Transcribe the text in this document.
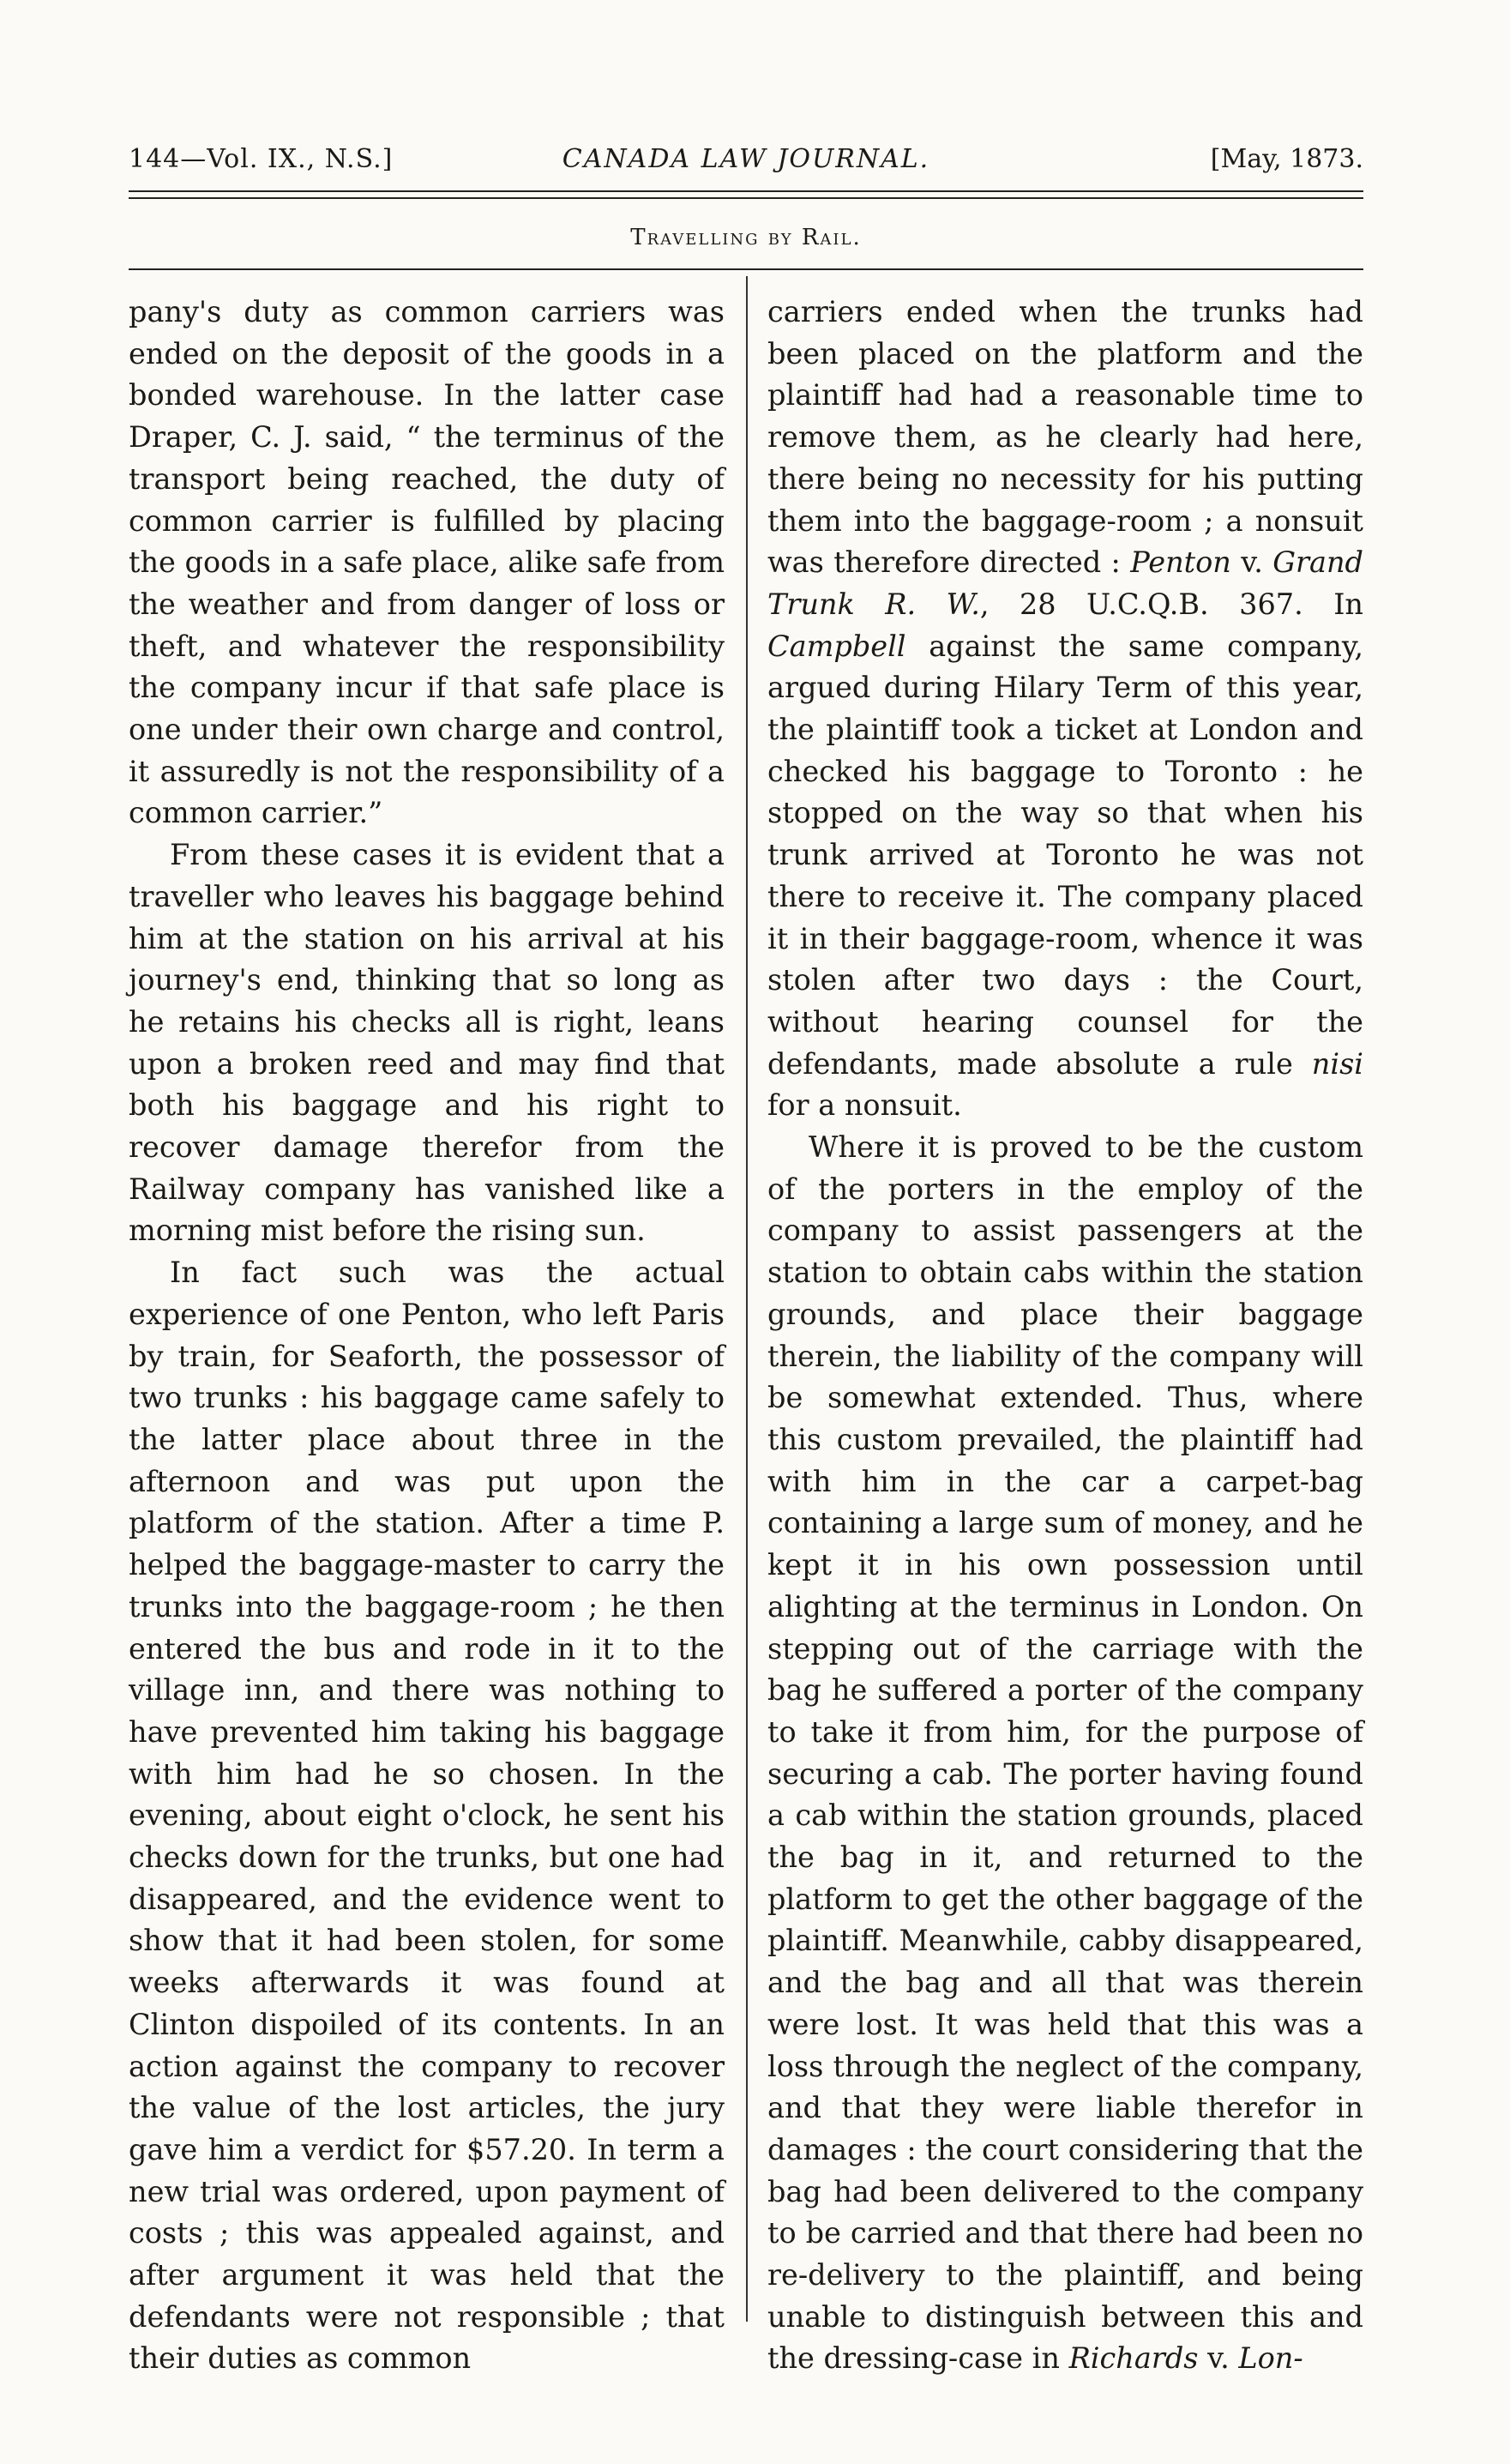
144—Vol. IX., N.S.]	CANADA LAW JOURNAL.	[May, 1873.
Travelling by Rail.

pany's duty as common carriers was ended on the deposit of the goods in a bonded warehouse. In the latter case Draper, C. J. said, “ the terminus of the transport being reached, the duty of common carrier is fulfilled by placing the goods in a safe place, alike safe from the weather and from danger of loss or theft, and whatever the responsibility the company incur if that safe place is one under their own charge and control, it assuredly is not the responsibility of a common carrier.”

From these cases it is evident that a traveller who leaves his baggage behind him at the station on his arrival at his journey's end, thinking that so long as he retains his checks all is right, leans upon a broken reed and may find that both his baggage and his right to recover damage therefor from the Railway company has vanished like a morning mist before the rising sun.

In fact such was the actual experience of one Penton, who left Paris by train, for Seaforth, the possessor of two trunks : his baggage came safely to the latter place about three in the afternoon and was put upon the platform of the station. After a time P. helped the baggage-master to carry the trunks into the baggage-room ; he then entered the bus and rode in it to the village inn, and there was nothing to have prevented him taking his baggage with him had he so chosen. In the evening, about eight o'clock, he sent his checks down for the trunks, but one had disappeared, and the evidence went to show that it had been stolen, for some weeks afterwards it was found at Clinton dispoiled of its contents. In an action against the company to recover the value of the lost articles, the jury gave him a verdict for $57.20. In term a new trial was ordered, upon payment of costs ; this was appealed against, and after argument it was held that the defendants were not responsible ; that their duties as common

carriers ended when the trunks had been placed on the platform and the plaintiff had had a reasonable time to remove them, as he clearly had here, there being no necessity for his putting them into the baggage-room ; a nonsuit was therefore directed : Penton v. Grand Trunk R. W., 28 U.C.Q.B. 367. In Campbell against the same company, argued during Hilary Term of this year, the plaintiff took a ticket at London and checked his baggage to Toronto : he stopped on the way so that when his trunk arrived at Toronto he was not there to receive it. The company placed it in their baggage-room, whence it was stolen after two days : the Court, without hearing counsel for the defendants, made absolute a rule nisi for a nonsuit.

Where it is proved to be the custom of the porters in the employ of the company to assist passengers at the station to obtain cabs within the station grounds, and place their baggage therein, the liability of the company will be somewhat extended. Thus, where this custom prevailed, the plaintiff had with him in the car a carpet-bag containing a large sum of money, and he kept it in his own possession until alighting at the terminus in London. On stepping out of the carriage with the bag he suffered a porter of the company to take it from him, for the purpose of securing a cab. The porter having found a cab within the station grounds, placed the bag in it, and returned to the platform to get the other baggage of the plaintiff. Meanwhile, cabby disappeared, and the bag and all that was therein were lost. It was held that this was a loss through the neglect of the company, and that they were liable therefor in damages : the court considering that the bag had been delivered to the company to be carried and that there had been no re-delivery to the plaintiff, and being unable to distinguish between this and the dressing-case in Richards v. Lon-
